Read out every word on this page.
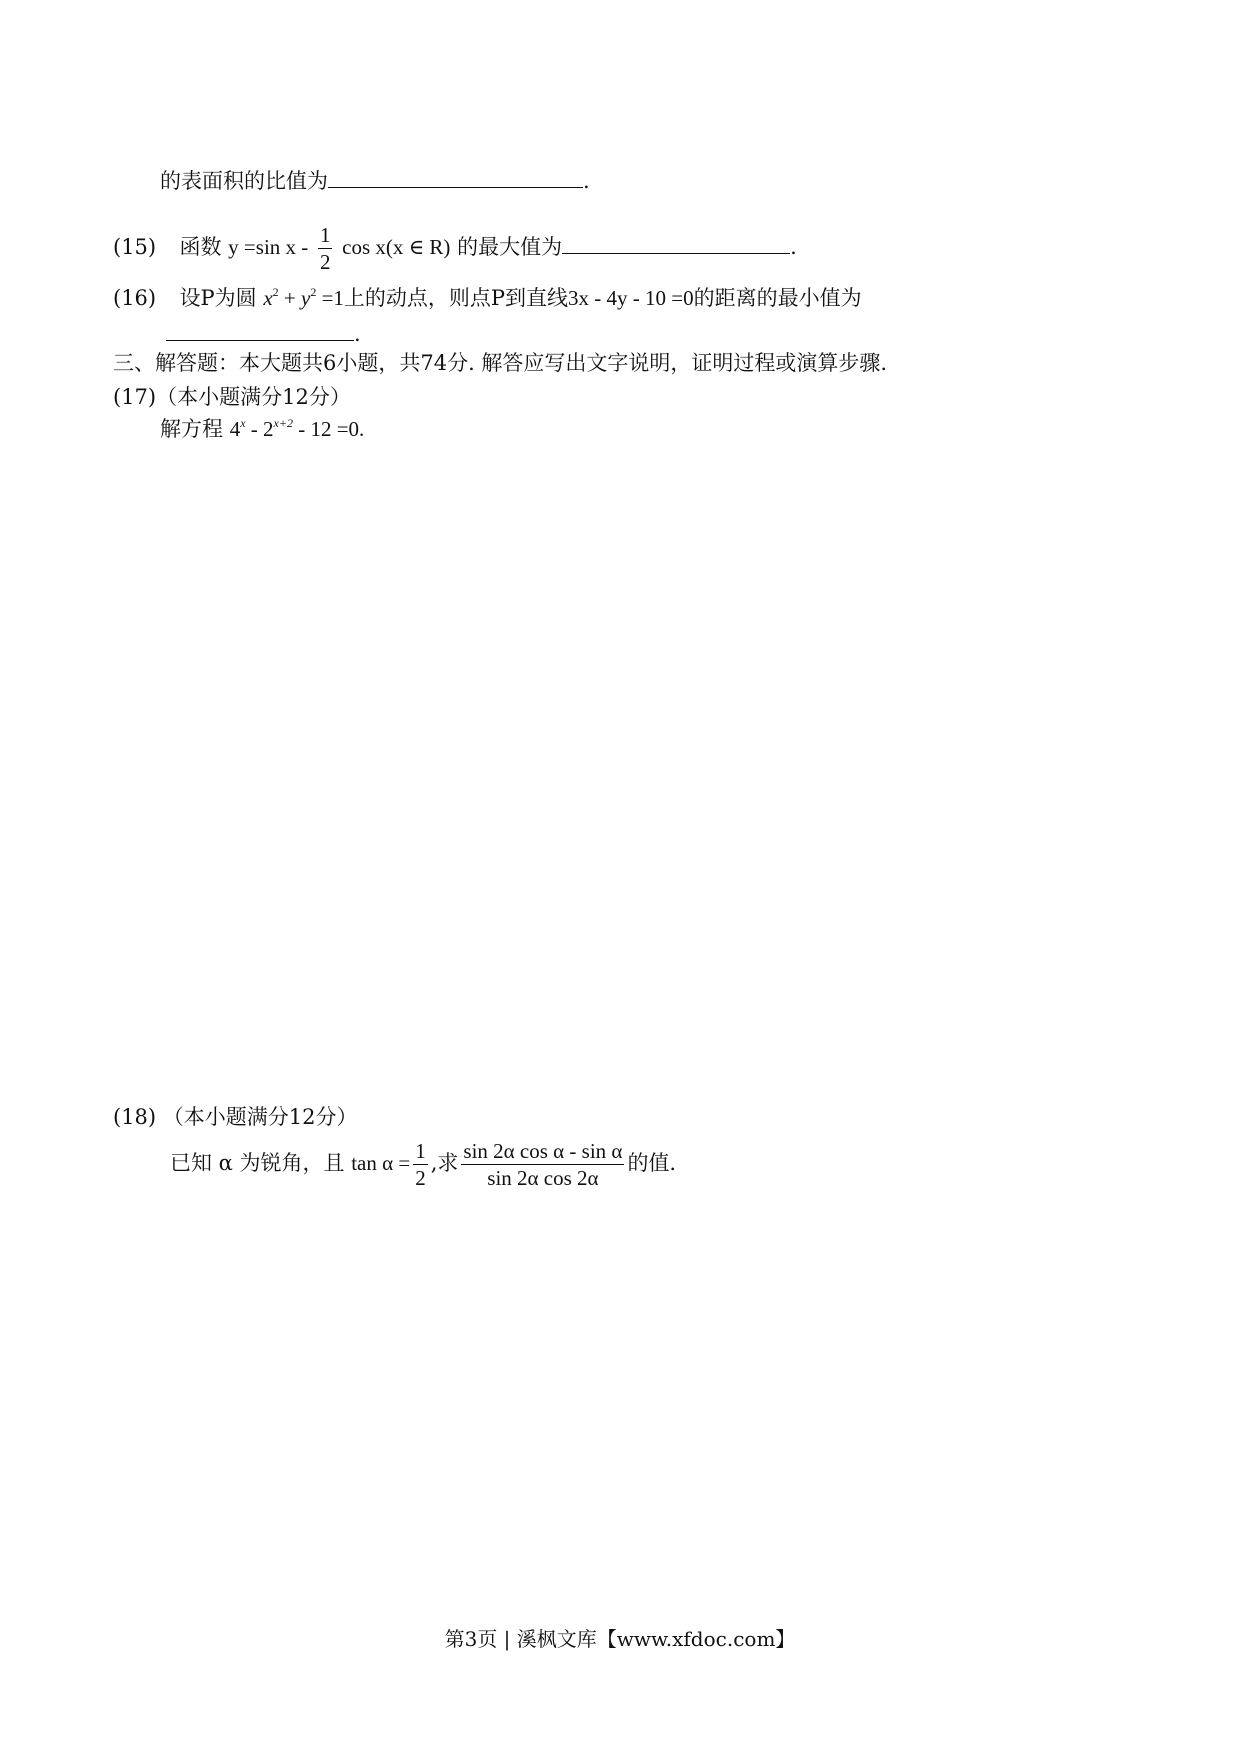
的表面积的比值为	.
(15) 函数 y =sin x - $\frac{1}{2}$ cos x(x ∈ R) 的最大值为	.
(16) 设P为圆 $x^2 + y^2 =1$上的动点，则点P到直线3x - 4y - 10 =0的距离的最小值为
.
三、解答题：本大题共6小题，共74分. 解答应写出文字说明，证明过程或演算步骤.
(17)（本小题满分12分）
解方程 $4^x - 2^{x+2} - 12 =0$.
(18) （本小题满分12分）
已知 α 为锐角，且 $\tan \alpha = \frac{1}{2}$ ,求 $\frac{\text{sin 2α cos α - sin α}}{\text{sin 2α cos 2α}}$ 的值.
第3页 | 溪枫文库【www.xfdoc.com】
